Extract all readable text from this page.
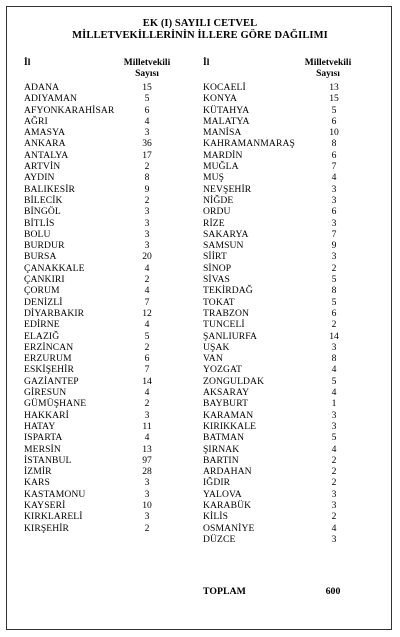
EK (I) SAYILI CETVEL
MİLLETVEKİLLERİNİN İLLERE GÖRE DAĞILIMI
İl	Milletvekili
Sayısı
ADANA	15
ADIYAMAN	5
AFYONKARAHİSAR	6
AĞRI	4
AMASYA	3
ANKARA	36
ANTALYA	17
ARTVİN	2
AYDIN	8
BALIKESİR	9
BİLECİK	2
BİNGÖL	3
BİTLİS	3
BOLU	3
BURDUR	3
BURSA	20
ÇANAKKALE	4
ÇANKIRI	2
ÇORUM	4
DENİZLİ	7
DİYARBAKIR	12
EDİRNE	4
ELAZIĞ	5
ERZİNCAN	2
ERZURUM	6
ESKİŞEHİR	7
GAZİANTEP	14
GİRESUN	4
GÜMÜŞHANE	2
HAKKARİ	3
HATAY	11
ISPARTA	4
MERSİN	13
İSTANBUL	97
İZMİR	28
KARS	3
KASTAMONU	3
KAYSERİ	10
KIRKLARELİ	3
KIRŞEHİR	2
İl	Milletvekili
Sayısı
KOCAELİ	13
KONYA	15
KÜTAHYA	5
MALATYA	6
MANİSA	10
KAHRAMANMARAŞ	8
MARDİN	6
MUĞLA	7
MUŞ	4
NEVŞEHİR	3
NİĞDE	3
ORDU	6
RİZE	3
SAKARYA	7
SAMSUN	9
SİİRT	3
SİNOP	2
SİVAS	5
TEKİRDAĞ	8
TOKAT	5
TRABZON	6
TUNCELİ	2
ŞANLIURFA	14
UŞAK	3
VAN	8
YOZGAT	4
ZONGULDAK	5
AKSARAY	4
BAYBURT	1
KARAMAN	3
KIRIKKALE	3
BATMAN	5
ŞIRNAK	4
BARTIN	2
ARDAHAN	2
IĞDIR	2
YALOVA	3
KARABÜK	3
KİLİS	2
OSMANİYE	4
DÜZCE	3
TOPLAM	600
